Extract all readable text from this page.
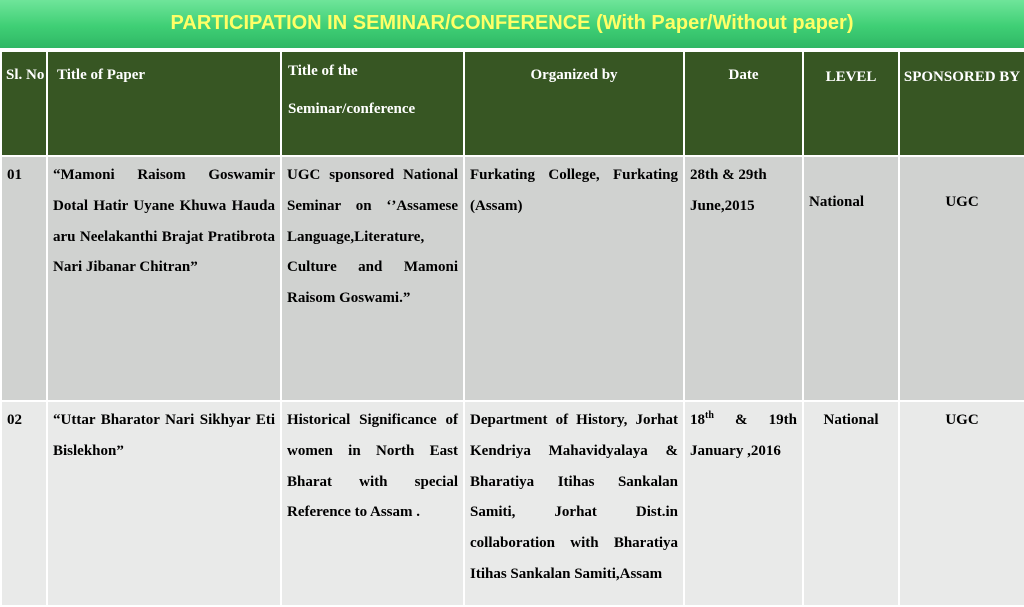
PARTICIPATION IN SEMINAR/CONFERENCE (With Paper/Without paper)
Sl. No	Title of Paper	Title of the Seminar/conference	Organized by	Date	LEVEL	SPONSORED BY

01	“Mamoni Raisom Goswamir Dotal Hatir Uyane Khuwa Hauda aru Neelakanthi Brajat Pratibrota Nari Jibanar Chitran”	UGC sponsored National Seminar on ‘’Assamese Language,Literature, Culture and Mamoni Raisom Goswami.”	Furkating College, Furkating (Assam)	28th & 29th June,2015	National	UGC
02	“Uttar Bharator Nari Sikhyar Eti Bislekhon”	Historical Significance of women in North East Bharat with special Reference to Assam .	Department of History, Jorhat Kendriya Mahavidyalaya & Bharatiya Itihas Sankalan Samiti, Jorhat Dist.in collaboration with Bharatiya Itihas Sankalan Samiti,Assam	18th & 19th January ,2016	National	UGC
